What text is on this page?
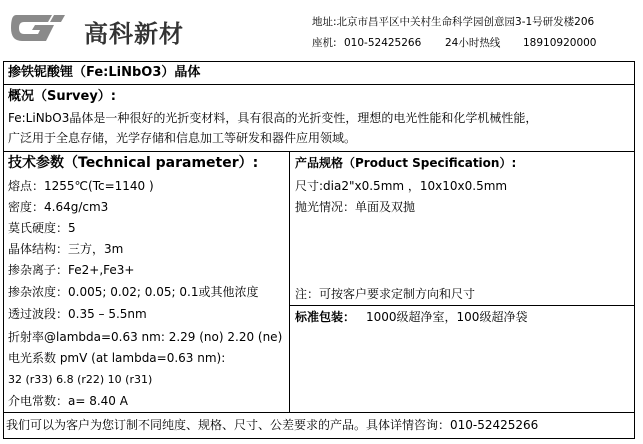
高科新材	地址:北京市昌平区中关村生命科学园创意园3-1号研发楼206
座机: 010-52425266 24小时热线 18910920000
掺铁铌酸锂（Fe:LiNbO3）晶体
概况（Survey）:
Fe:LiNbO3晶体是一种很好的光折变材料，具有很高的光折变性，理想的电光性能和化学机械性能，
广泛用于全息存储，光学存储和信息加工等研发和器件应用领域。
技术参数（Technical parameter）:
熔点：1255℃(Tc=1140 )
密度：4.64g/cm3
莫氏硬度：5
晶体结构：三方，3m
掺杂离子：Fe2+,Fe3+
掺杂浓度：0.005; 0.02; 0.05; 0.1或其他浓度
透过波段：0.35 – 5.5nm
折射率@lambda=0.63 nm: 2.29 (no) 2.20 (ne)
电光系数 pmV (at lambda=0.63 nm):
32 (r33) 6.8 (r22) 10 (r31)
介电常数：a= 8.40 A
产品规格（Product Specification）:
尺寸:dia2"x0.5mm ，10x10x0.5mm
抛光情况：单面及双抛
注：可按客户要求定制方向和尺寸
标准包装： 1000级超净室，100级超净袋
我们可以为客户为您订制不同纯度、规格、尺寸、公差要求的产品。具体详情咨询：010-52425266
